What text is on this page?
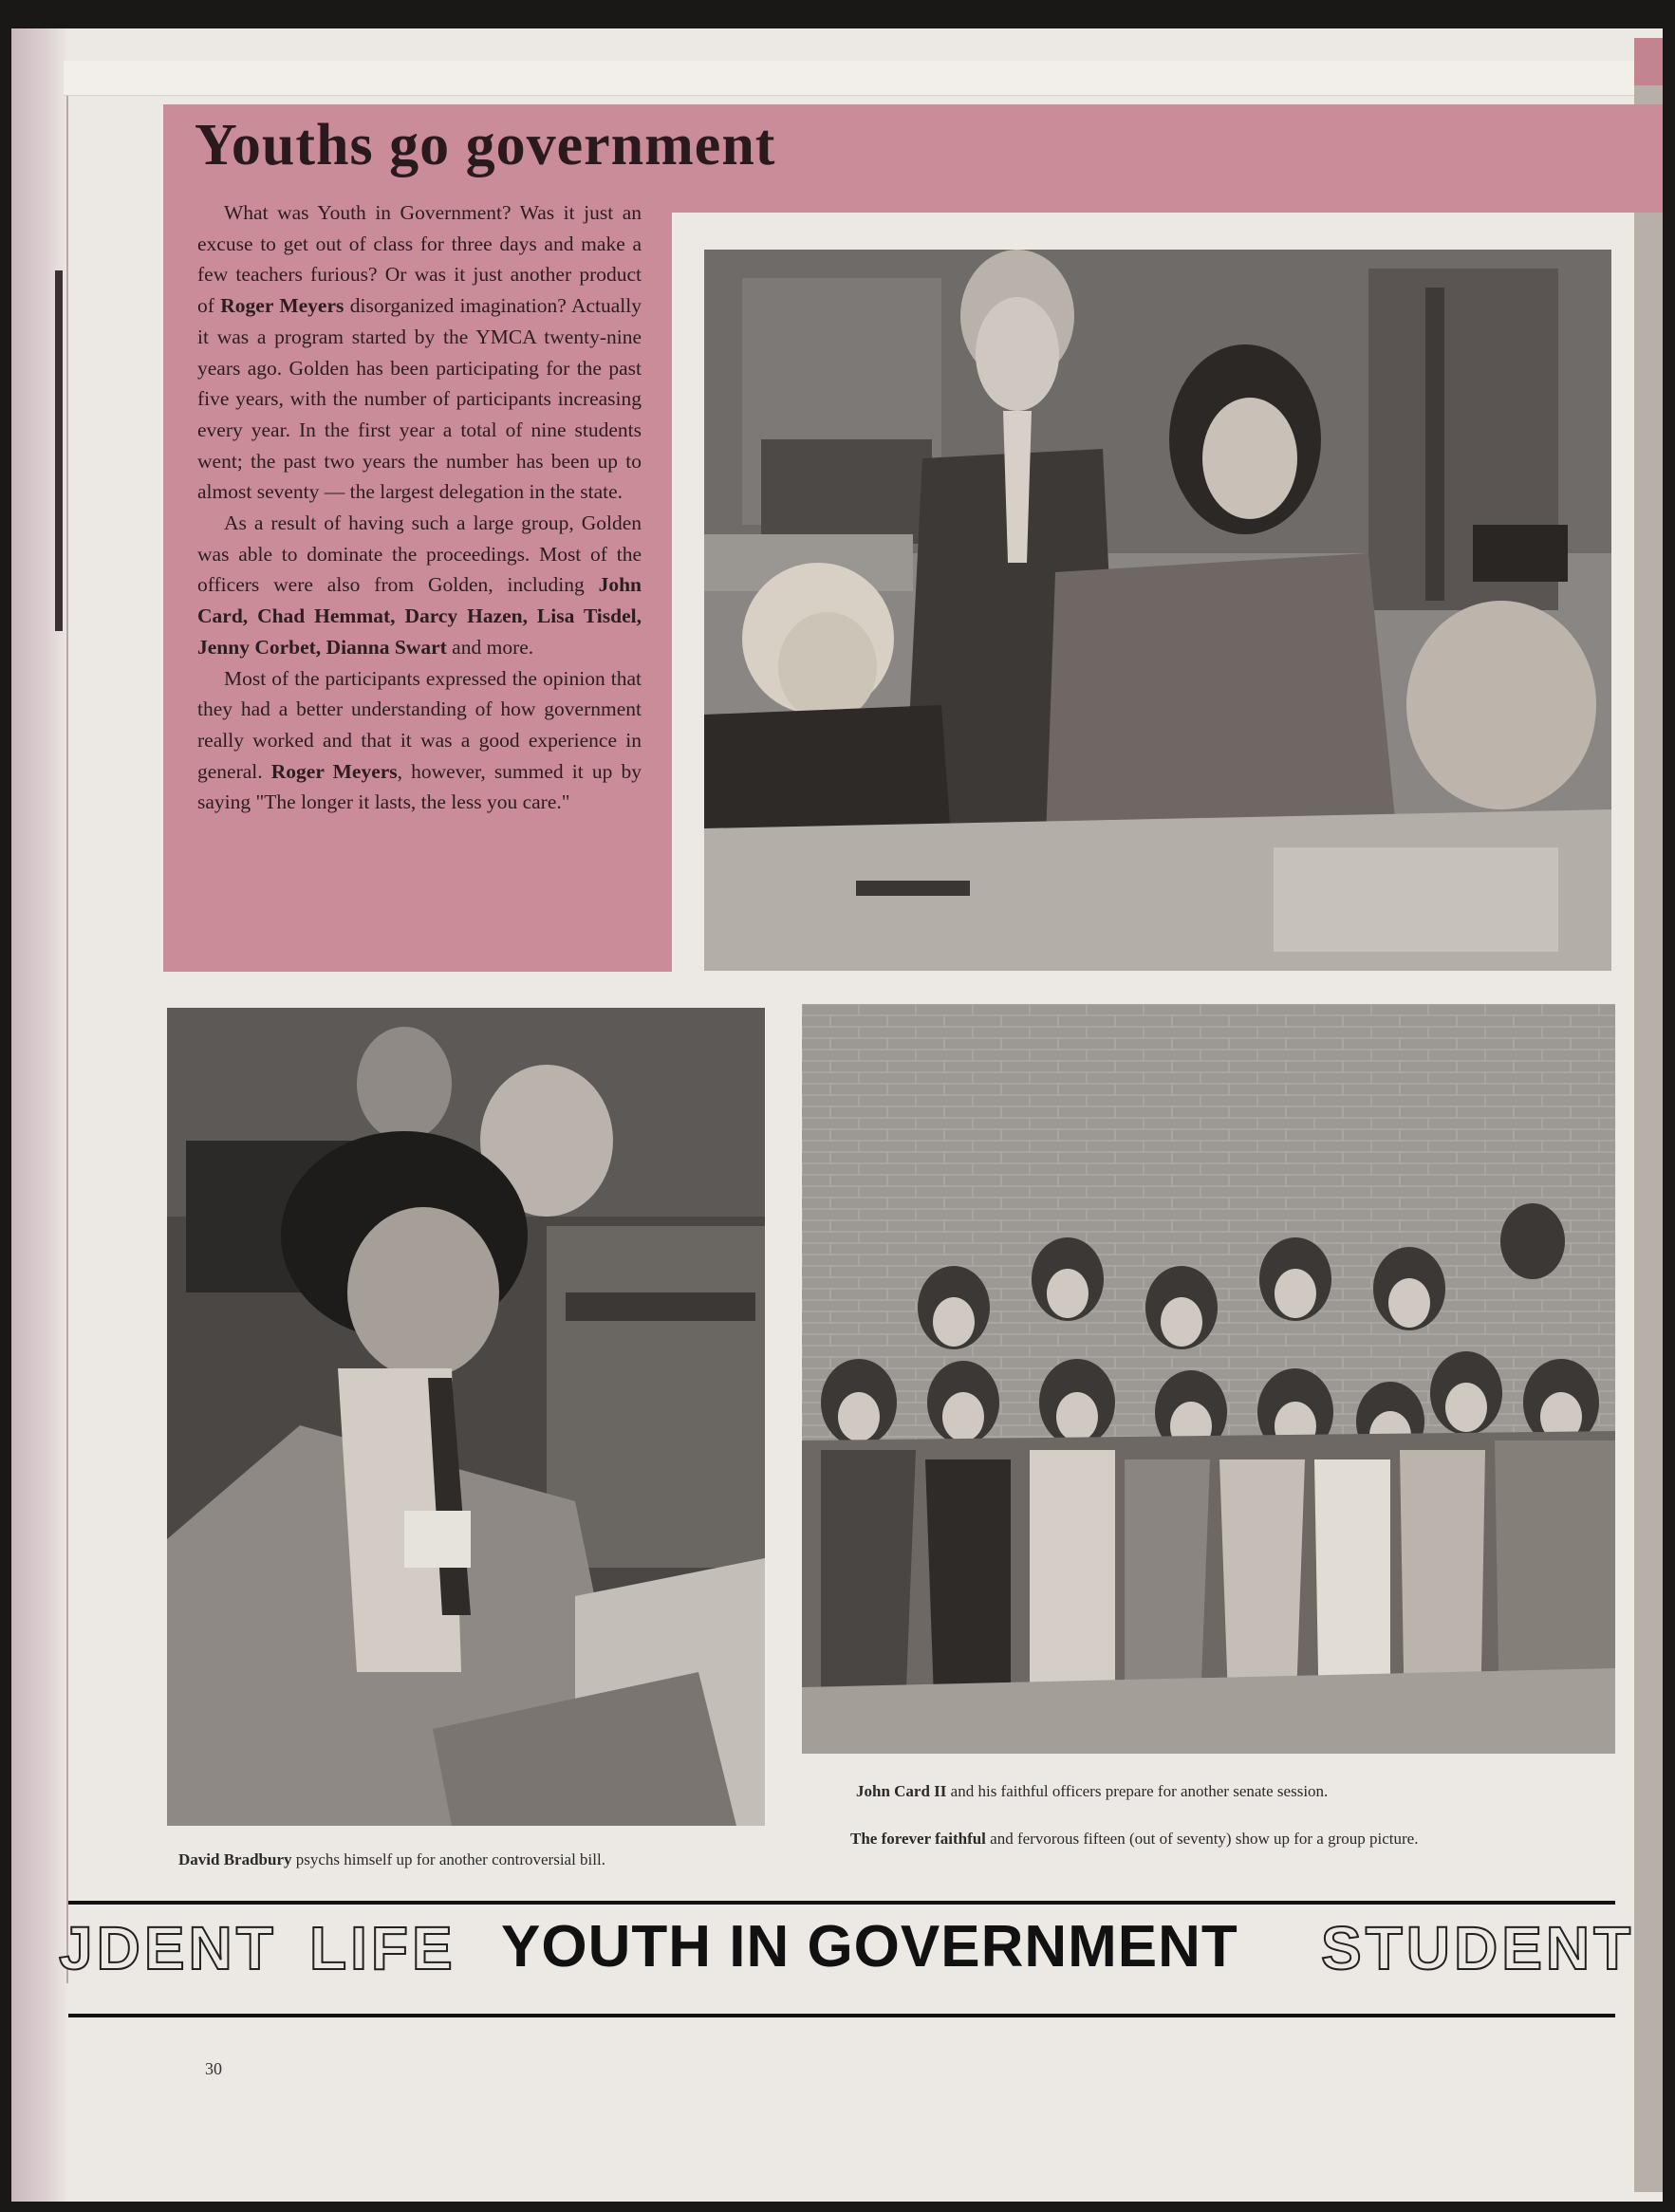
Youths go government

What was Youth in Government? Was it just an excuse to get out of class for three days and make a few teachers furious? Or was it just another product of Roger Meyers disorganized imagination? Actually it was a program started by the YMCA twenty-nine years ago. Golden has been participating for the past five years, with the number of participants increasing every year. In the first year a total of nine students went; the past two years the number has been up to almost seventy — the largest delegation in the state.

As a result of having such a large group, Golden was able to dominate the proceedings. Most of the officers were also from Golden, including John Card, Chad Hemmat, Darcy Hazen, Lisa Tisdel, Jenny Corbet, Dianna Swart and more.

Most of the participants expressed the opinion that they had a better understanding of how government really worked and that it was a good experience in general. Roger Meyers, however, summed it up by saying "The longer it lasts, the less you care."

David Bradbury psychs himself up for another controversial bill.
John Card II and his faithful officers prepare for another senate session.
The forever faithful and fervorous fifteen (out of seventy) show up for a group picture.
JDENT LIFE YOUTH IN GOVERNMENT STUDENT
30
